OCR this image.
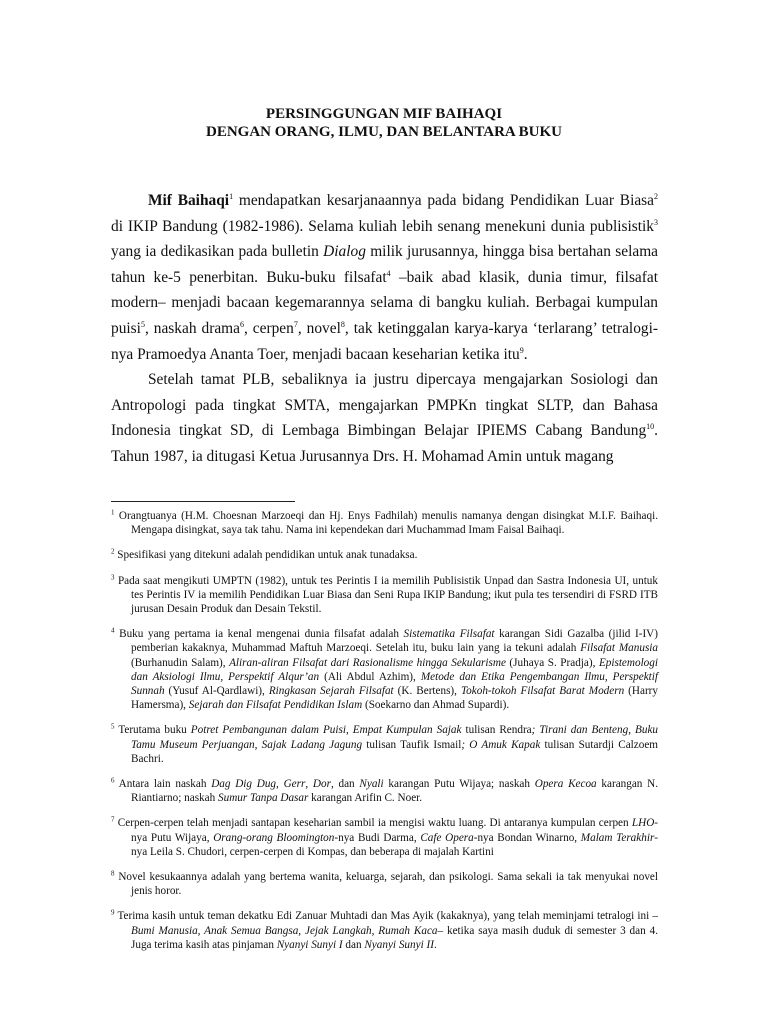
PERSINGGUNGAN MIF BAIHAQI
DENGAN ORANG, ILMU, DAN BELANTARA BUKU

Mif Baihaqi$^1$ mendapatkan kesarjanaannya pada bidang Pendidikan Luar Biasa$^2$ di IKIP Bandung (1982-1986). Selama kuliah lebih senang menekuni dunia publisistik$^3$ yang ia dedikasikan pada bulletin Dialog milik jurusannya, hingga bisa bertahan selama tahun ke-5 penerbitan. Buku-buku filsafat$^4$ –baik abad klasik, dunia timur, filsafat modern– menjadi bacaan kegemarannya selama di bangku kuliah. Berbagai kumpulan puisi$^5$, naskah drama$^6$, cerpen$^7$, novel$^8$, tak ketinggalan karya-karya ‘terlarang’ tetralogi-nya Pramoedya Ananta Toer, menjadi bacaan keseharian ketika itu$^9$.

Setelah tamat PLB, sebaliknya ia justru dipercaya mengajarkan Sosiologi dan Antropologi pada tingkat SMTA, mengajarkan PMPKn tingkat SLTP, dan Bahasa Indonesia tingkat SD, di Lembaga Bimbingan Belajar IPIEMS Cabang Bandung$^{10}$. Tahun 1987, ia ditugasi Ketua Jurusannya Drs. H. Mohamad Amin untuk magang

$^1$ Orangtuanya (H.M. Choesnan Marzoeqi dan Hj. Enys Fadhilah) menulis namanya dengan disingkat M.I.F. Baihaqi. Mengapa disingkat, saya tak tahu. Nama ini kependekan dari Muchammad Imam Faisal Baihaqi.

$^2$ Spesifikasi yang ditekuni adalah pendidikan untuk anak tunadaksa.

$^3$ Pada saat mengikuti UMPTN (1982), untuk tes Perintis I ia memilih Publisistik Unpad dan Sastra Indonesia UI, untuk tes Perintis IV ia memilih Pendidikan Luar Biasa dan Seni Rupa IKIP Bandung; ikut pula tes tersendiri di FSRD ITB jurusan Desain Produk dan Desain Tekstil.

$^4$ Buku yang pertama ia kenal mengenai dunia filsafat adalah Sistematika Filsafat karangan Sidi Gazalba (jilid I-IV) pemberian kakaknya, Muhammad Maftuh Marzoeqi. Setelah itu, buku lain yang ia tekuni adalah Filsafat Manusia (Burhanudin Salam), Aliran-aliran Filsafat dari Rasionalisme hingga Sekularisme (Juhaya S. Pradja), Epistemologi dan Aksiologi Ilmu, Perspektif Alqur’an (Ali Abdul Azhim), Metode dan Etika Pengembangan Ilmu, Perspektif Sunnah (Yusuf Al-Qardlawi), Ringkasan Sejarah Filsafat (K. Bertens), Tokoh-tokoh Filsafat Barat Modern (Harry Hamersma), Sejarah dan Filsafat Pendidikan Islam (Soekarno dan Ahmad Supardi).

$^5$ Terutama buku Potret Pembangunan dalam Puisi, Empat Kumpulan Sajak tulisan Rendra; Tirani dan Benteng, Buku Tamu Museum Perjuangan, Sajak Ladang Jagung tulisan Taufik Ismail; O Amuk Kapak tulisan Sutardji Calzoem Bachri.

$^6$ Antara lain naskah Dag Dig Dug, Gerr, Dor, dan Nyali karangan Putu Wijaya; naskah Opera Kecoa karangan N. Riantiarno; naskah Sumur Tanpa Dasar karangan Arifin C. Noer.

$^7$ Cerpen-cerpen telah menjadi santapan keseharian sambil ia mengisi waktu luang. Di antaranya kumpulan cerpen LHO-nya Putu Wijaya, Orang-orang Bloomington-nya Budi Darma, Cafe Opera-nya Bondan Winarno, Malam Terakhir-nya Leila S. Chudori, cerpen-cerpen di Kompas, dan beberapa di majalah Kartini

$^8$ Novel kesukaannya adalah yang bertema wanita, keluarga, sejarah, dan psikologi. Sama sekali ia tak menyukai novel jenis horor.

$^9$ Terima kasih untuk teman dekatku Edi Zanuar Muhtadi dan Mas Ayik (kakaknya), yang telah meminjami tetralogi ini –Bumi Manusia, Anak Semua Bangsa, Jejak Langkah, Rumah Kaca– ketika saya masih duduk di semester 3 dan 4. Juga terima kasih atas pinjaman Nyanyi Sunyi I dan Nyanyi Sunyi II.
